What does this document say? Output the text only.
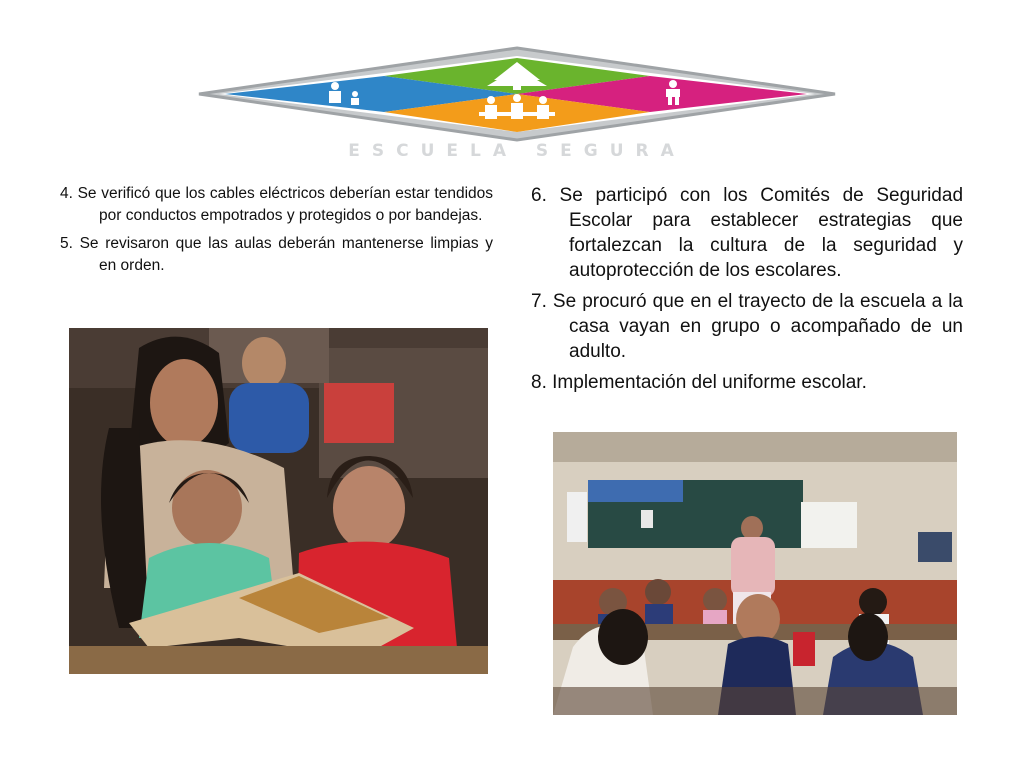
ESCUELA SEGURA
4. Se verificó que los cables eléctricos deberían estar tendidos por conductos empotrados y protegidos o por bandejas.
5. Se revisaron que las aulas deberán mantenerse limpias y en orden.
6. Se participó con los Comités de Seguridad Escolar para establecer estrategias que fortalezcan la cultura de la seguridad y autoprotección de los escolares.
7. Se procuró que en el trayecto de la escuela a la casa vayan en grupo o acompañado de un adulto.
8. Implementación del uniforme escolar.
